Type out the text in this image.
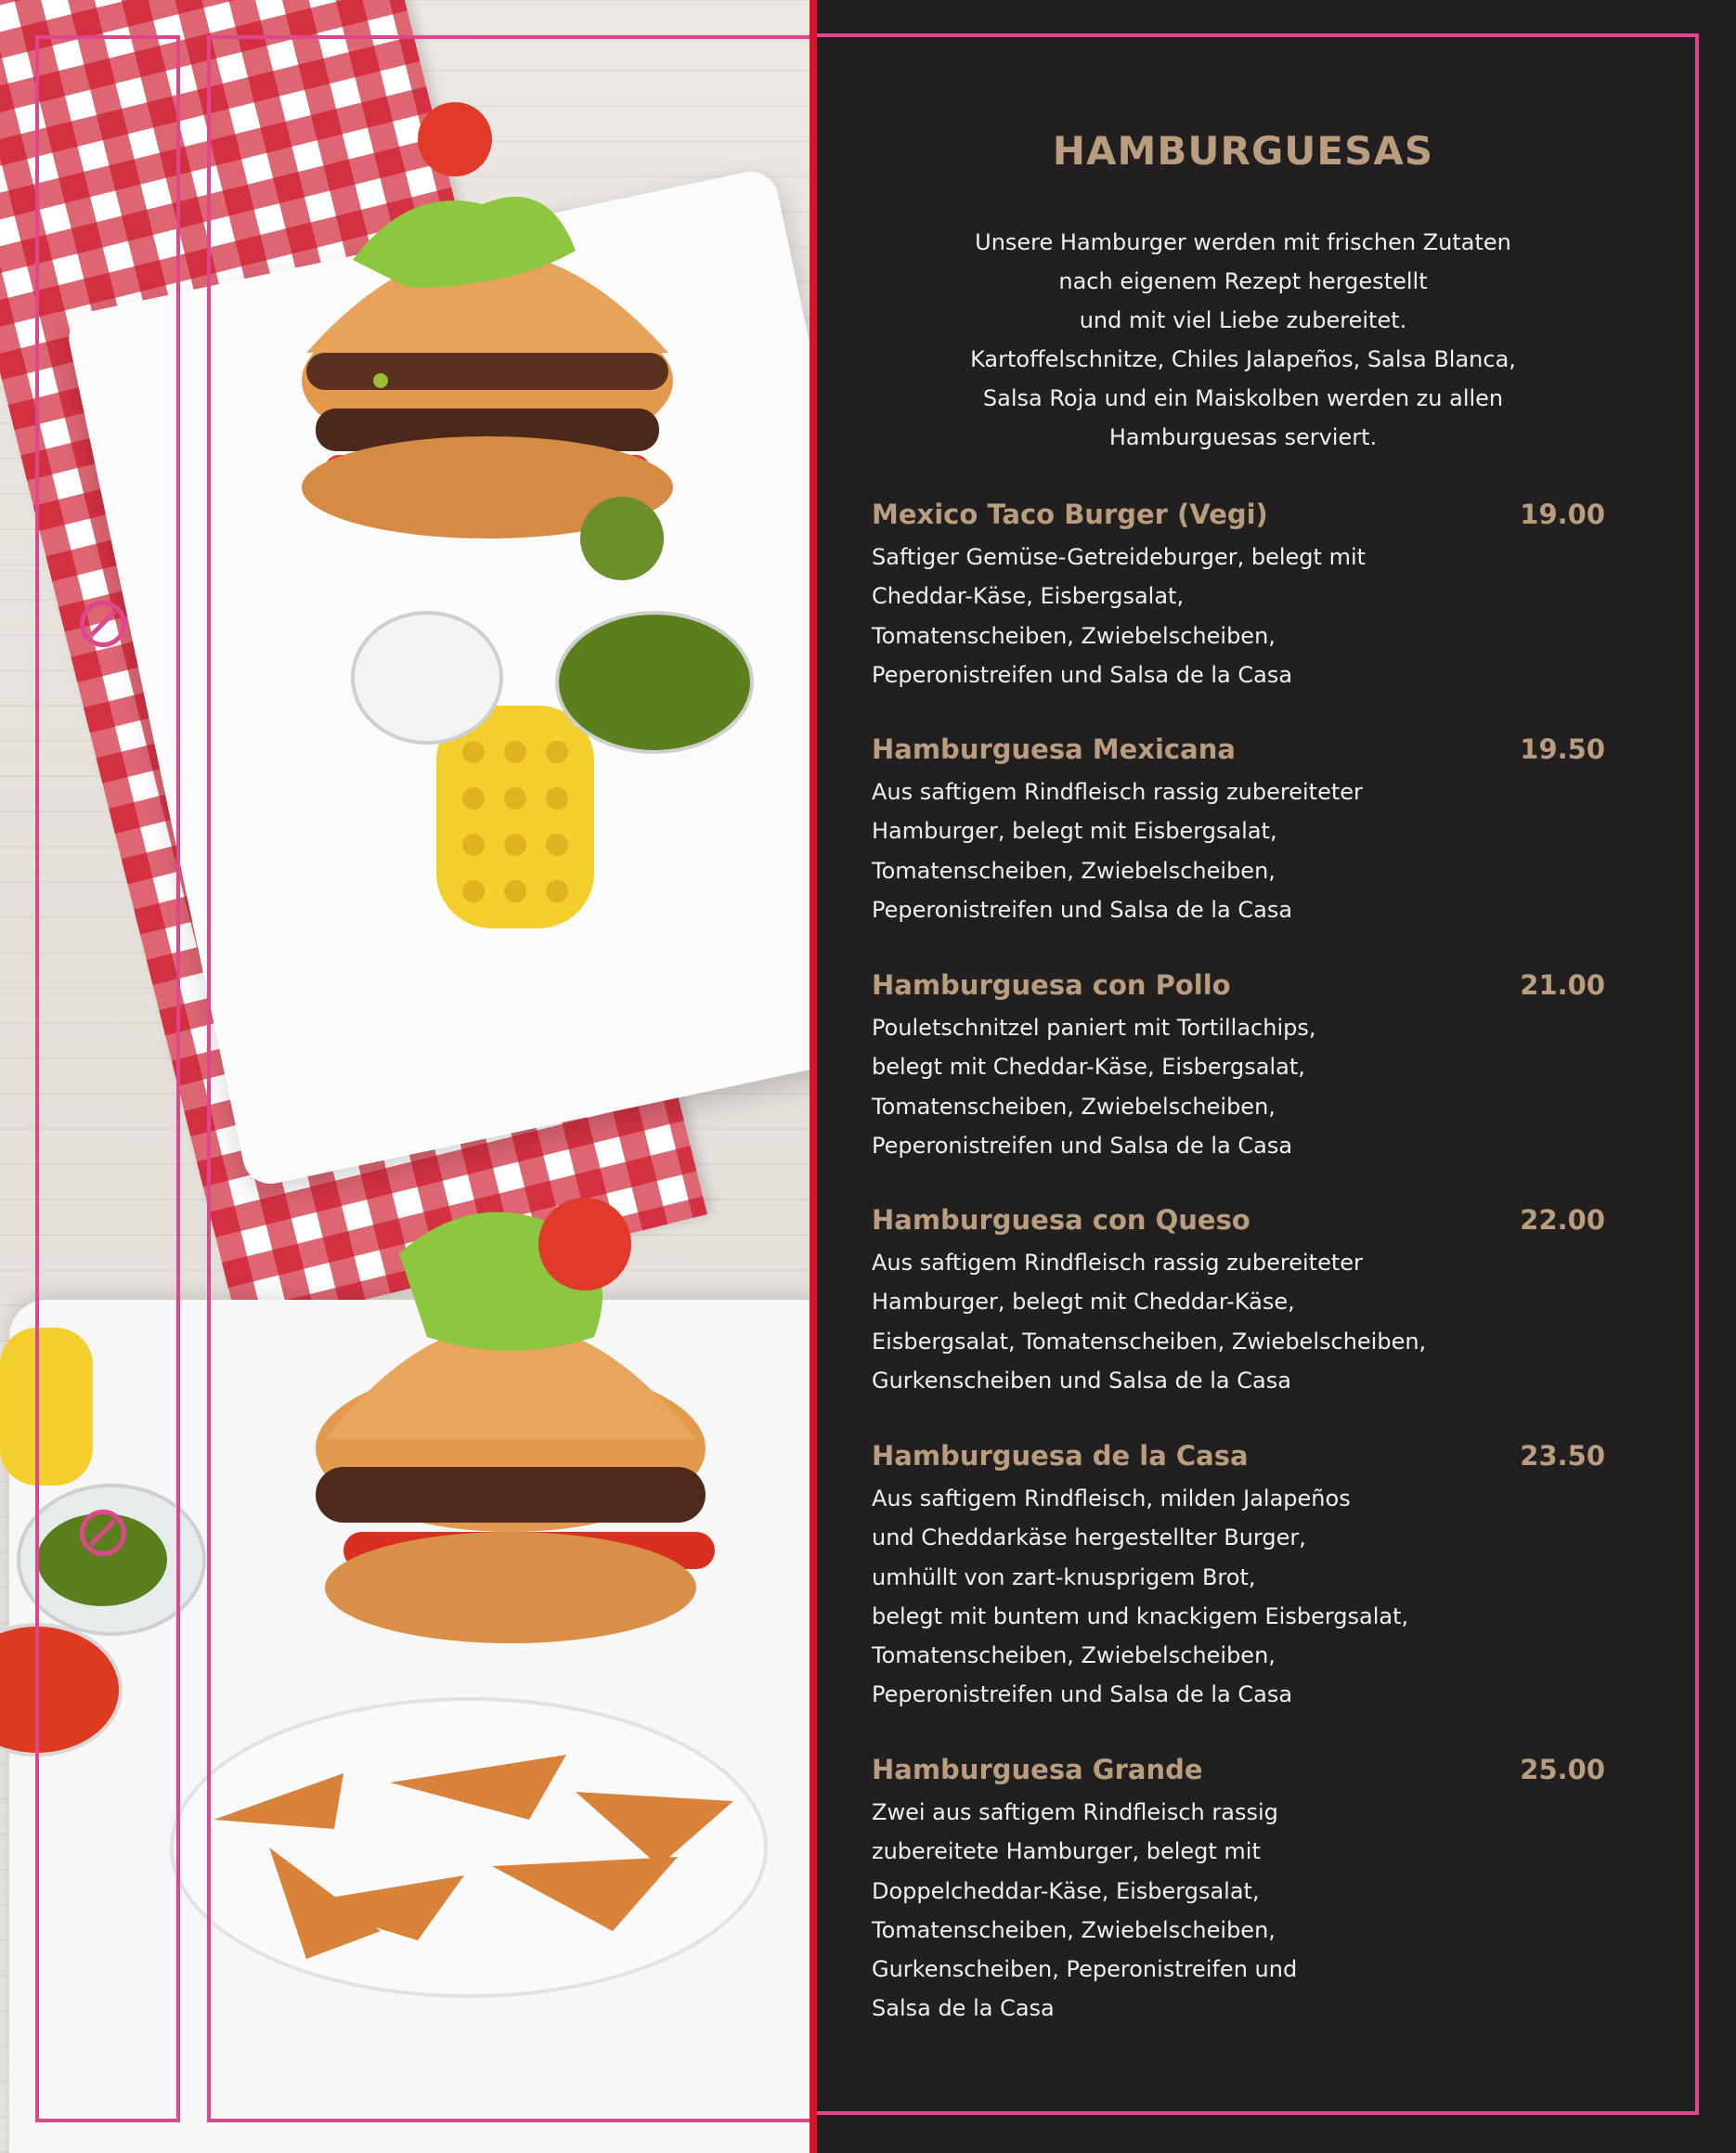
HAMBURGUESAS
Unsere Hamburger werden mit frischen Zutaten
nach eigenem Rezept hergestellt
und mit viel Liebe zubereitet.
Kartoffelschnitze, Chiles Jalapeños, Salsa Blanca,
Salsa Roja und ein Maiskolben werden zu allen
Hamburguesas serviert.
Mexico Taco Burger (Vegi)	19.00
Saftiger Gemüse-Getreideburger, belegt mit
Cheddar-Käse, Eisbergsalat,
Tomatenscheiben, Zwiebelscheiben,
Peperonistreifen und Salsa de la Casa
Hamburguesa Mexicana	19.50
Aus saftigem Rindfleisch rassig zubereiteter
Hamburger, belegt mit Eisbergsalat,
Tomatenscheiben, Zwiebelscheiben,
Peperonistreifen und Salsa de la Casa
Hamburguesa con Pollo	21.00
Pouletschnitzel paniert mit Tortillachips,
belegt mit Cheddar-Käse, Eisbergsalat,
Tomatenscheiben, Zwiebelscheiben,
Peperonistreifen und Salsa de la Casa
Hamburguesa con Queso	22.00
Aus saftigem Rindfleisch rassig zubereiteter
Hamburger, belegt mit Cheddar-Käse,
Eisbergsalat, Tomatenscheiben, Zwiebelscheiben,
Gurkenscheiben und Salsa de la Casa
Hamburguesa de la Casa	23.50
Aus saftigem Rindfleisch, milden Jalapeños
und Cheddarkäse hergestellter Burger,
umhüllt von zart-knusprigem Brot,
belegt mit buntem und knackigem Eisbergsalat,
Tomatenscheiben, Zwiebelscheiben,
Peperonistreifen und Salsa de la Casa
Hamburguesa Grande	25.00
Zwei aus saftigem Rindfleisch rassig
zubereitete Hamburger, belegt mit
Doppelcheddar-Käse, Eisbergsalat,
Tomatenscheiben, Zwiebelscheiben,
Gurkenscheiben, Peperonistreifen und
Salsa de la Casa
